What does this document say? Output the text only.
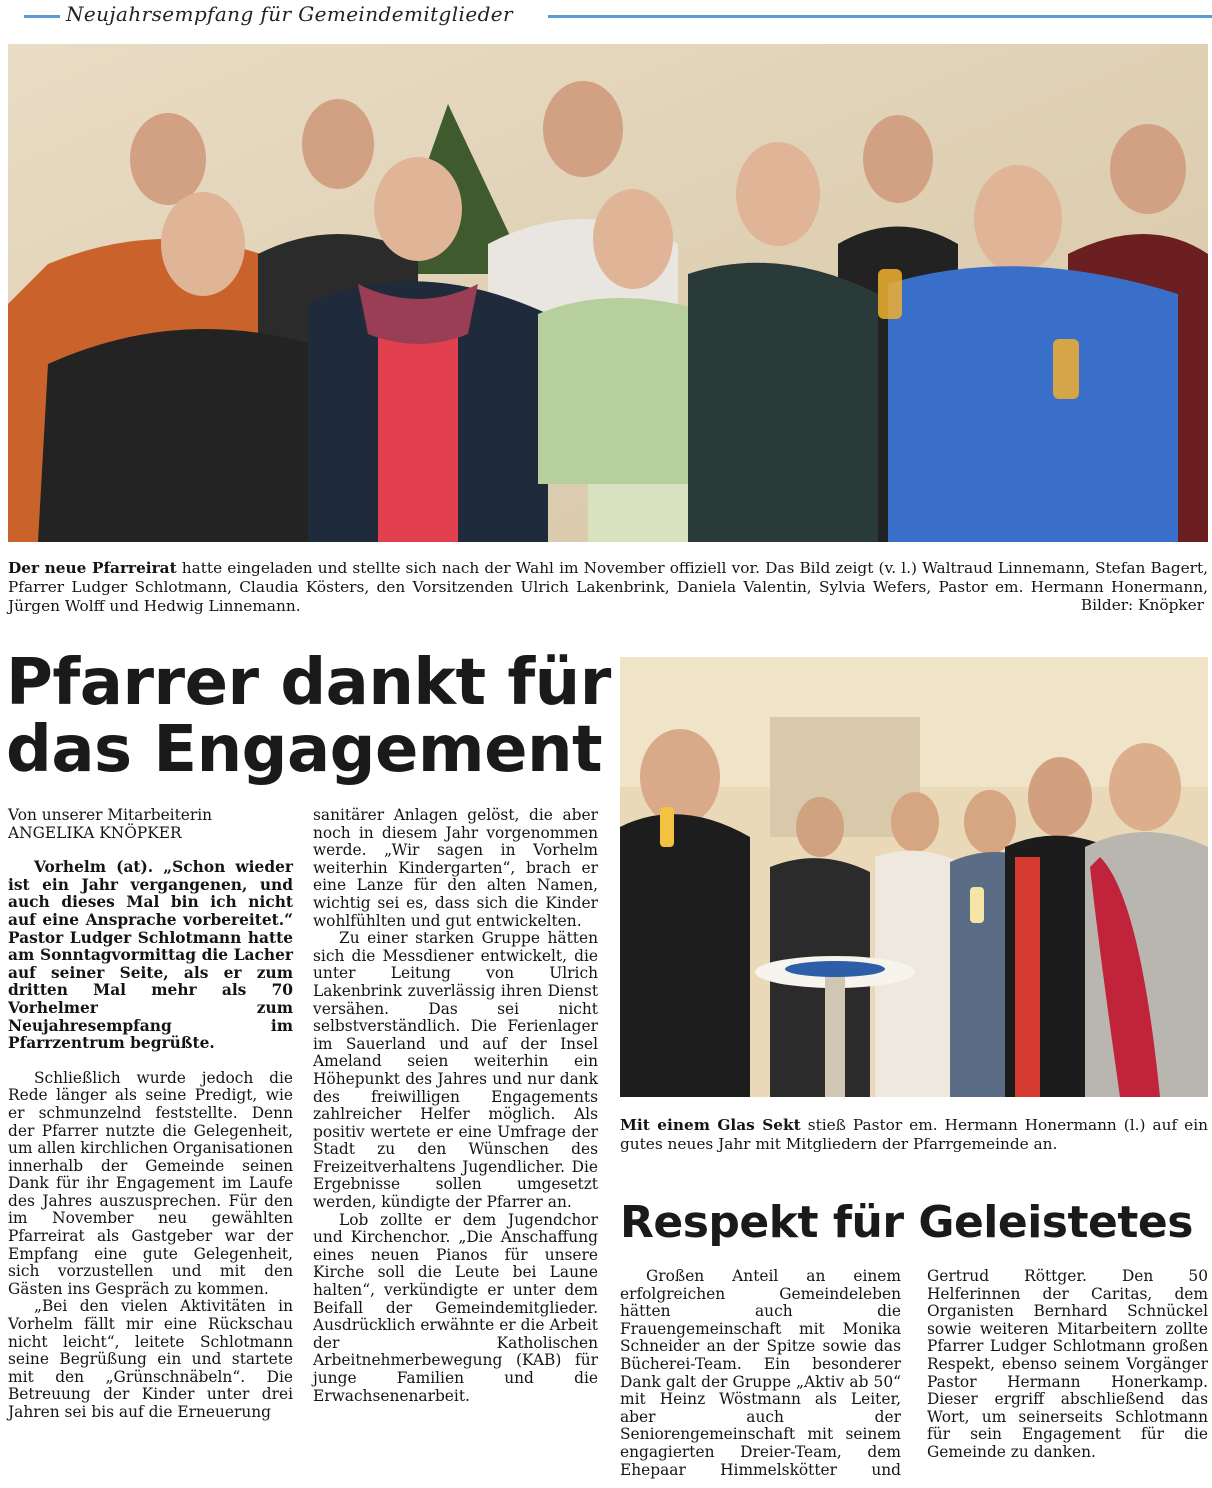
Neujahrsempfang für Gemeindemitglieder
Der neue Pfarreirat hatte eingeladen und stellte sich nach der Wahl im November offiziell vor. Das Bild zeigt (v. l.) Waltraud Linnemann, Stefan Bagert, Pfarrer Ludger Schlotmann, Claudia Kösters, den Vorsitzenden Ulrich Lakenbrink, Daniela Valentin, Sylvia Wefers, Pastor em. Hermann Honermann, Jürgen Wolff und Hedwig Linnemann.	Bilder: Knöpker
Pfarrer dankt für
das Engagement
Von unserer Mitarbeiterin
ANGELIKA KNÖPKER

Vorhelm (at). „Schon wieder ist ein Jahr vergangenen, und auch dieses Mal bin ich nicht auf eine Ansprache vorbereitet.“ Pastor Ludger Schlotmann hatte am Sonntagvormittag die Lacher auf seiner Seite, als er zum dritten Mal mehr als 70 Vorhelmer zum Neujahresempfang im Pfarrzentrum begrüßte.

Schließlich wurde jedoch die Rede länger als seine Predigt, wie er schmunzelnd feststellte. Denn der Pfarrer nutzte die Gelegenheit, um allen kirchlichen Organisationen innerhalb der Gemeinde seinen Dank für ihr Engagement im Laufe des Jahres auszusprechen. Für den im November neu gewählten Pfarreirat als Gastgeber war der Empfang eine gute Gelegenheit, sich vorzustellen und mit den Gästen ins Gespräch zu kommen.

„Bei den vielen Aktivitäten in Vorhelm fällt mir eine Rückschau nicht leicht“, leitete Schlotmann seine Begrüßung ein und startete mit den „Grünschnäbeln“. Die Betreuung der Kinder unter drei Jahren sei bis auf die Erneuerung

sanitärer Anlagen gelöst, die aber noch in diesem Jahr vorgenommen werde. „Wir sagen in Vorhelm weiterhin Kindergarten“, brach er eine Lanze für den alten Namen, wichtig sei es, dass sich die Kinder wohlfühlten und gut entwickelten.

Zu einer starken Gruppe hätten sich die Messdiener entwickelt, die unter Leitung von Ulrich Lakenbrink zuverlässig ihren Dienst versähen. Das sei nicht selbstverständlich. Die Ferienlager im Sauerland und auf der Insel Ameland seien weiterhin ein Höhepunkt des Jahres und nur dank des freiwilligen Engagements zahlreicher Helfer möglich. Als positiv wertete er eine Umfrage der Stadt zu den Wünschen des Freizeitverhaltens Jugendlicher. Die Ergebnisse sollen umgesetzt werden, kündigte der Pfarrer an.

Lob zollte er dem Jugendchor und Kirchenchor. „Die Anschaffung eines neuen Pianos für unsere Kirche soll die Leute bei Laune halten“, verkündigte er unter dem Beifall der Gemeindemitglieder. Ausdrücklich erwähnte er die Arbeit der Katholischen Arbeitnehmerbewegung (KAB) für junge Familien und die Erwachsenenarbeit.

Mit einem Glas Sekt stieß Pastor em. Hermann Honermann (l.) auf ein gutes neues Jahr mit Mitgliedern der Pfarrgemeinde an.
Respekt für Geleistetes

Großen Anteil an einem erfolgreichen Gemeindeleben hätten auch die Frauengemeinschaft mit Monika Schneider an der Spitze sowie das Bücherei-Team. Ein besonderer Dank galt der Gruppe „Aktiv ab 50“ mit Heinz Wöstmann als Leiter, aber auch der Seniorengemeinschaft mit seinem engagierten Dreier-Team, dem Ehepaar Himmelskötter und Gertrud Röttger. Den 50 Helferinnen der Caritas, dem Organisten Bernhard Schnückel sowie weiteren Mitarbeitern zollte Pfarrer Ludger Schlotmann großen Respekt, ebenso seinem Vorgänger Pastor Hermann Honerkamp. Dieser ergriff abschließend das Wort, um seinerseits Schlotmann für sein Engagement für die Gemeinde zu danken.
